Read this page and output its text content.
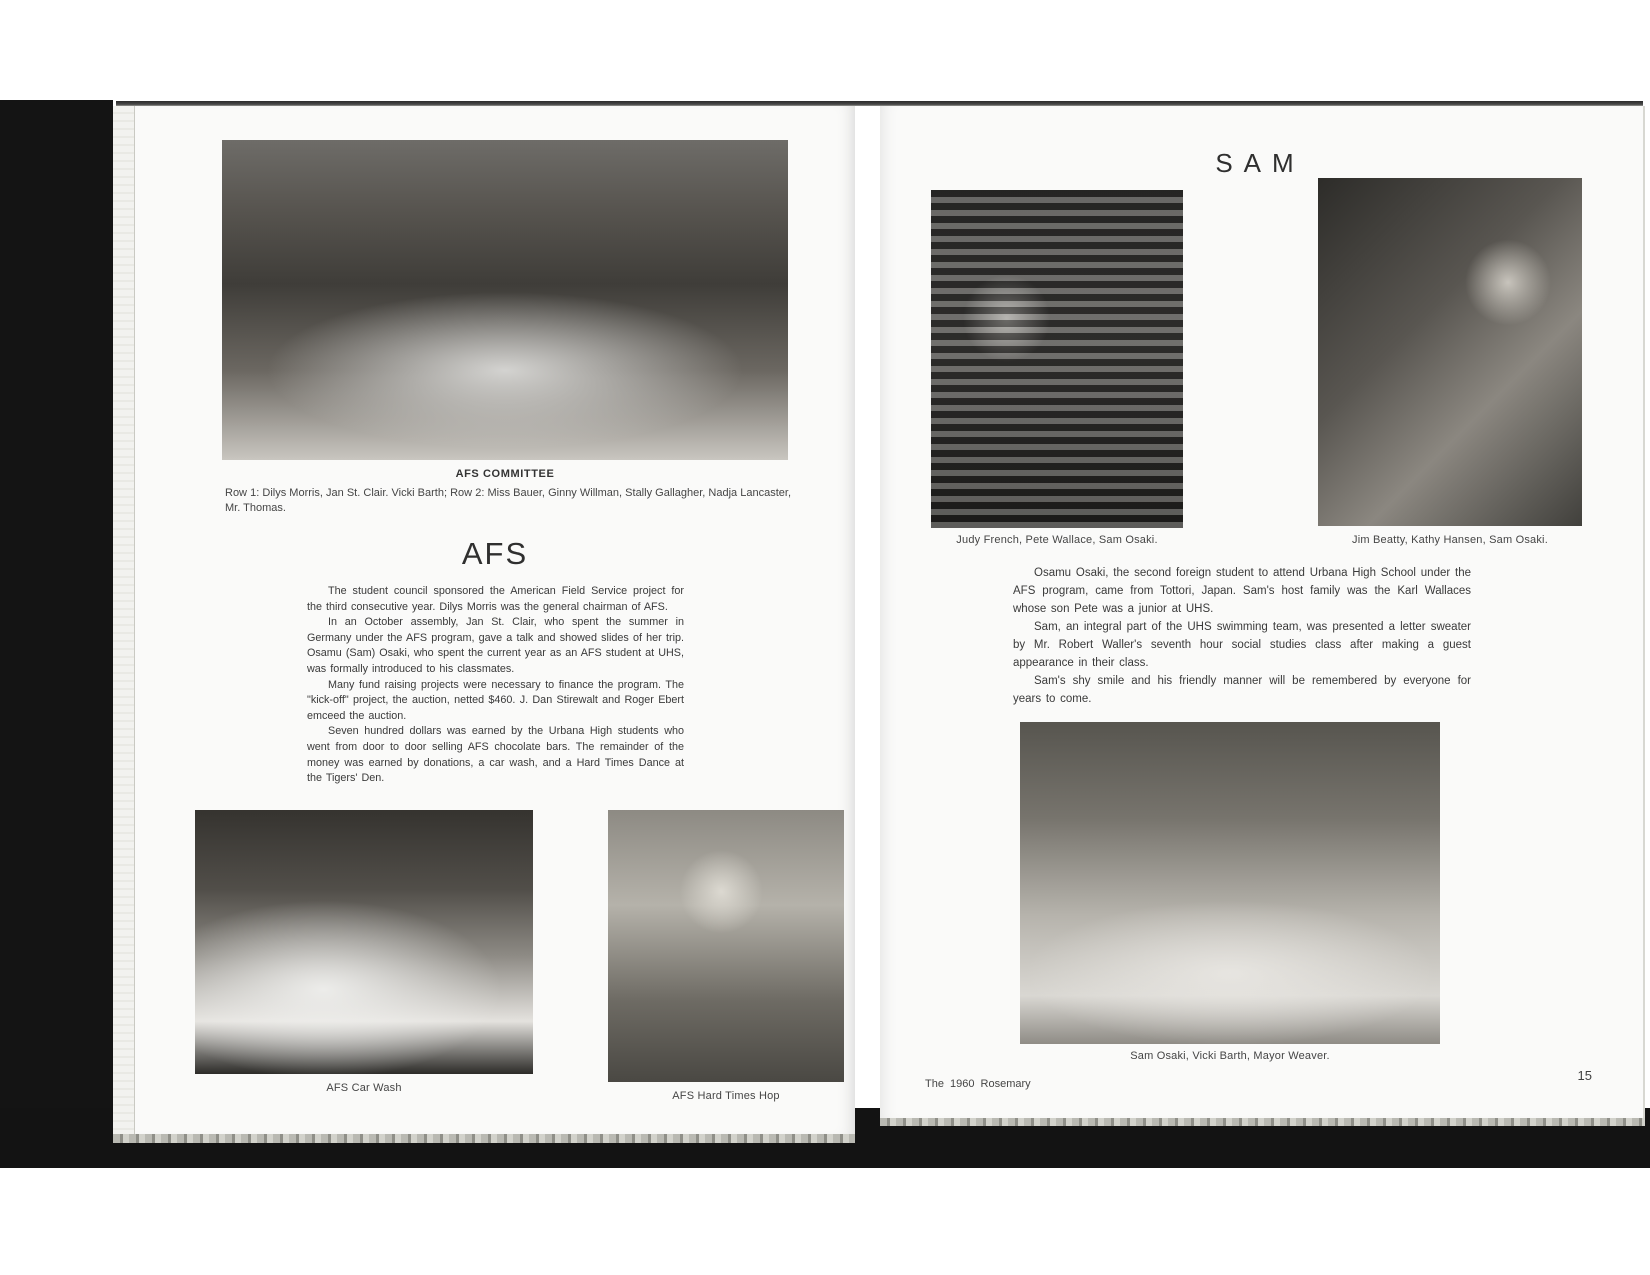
AFS COMMITTEE
Row 1: Dilys Morris, Jan St. Clair. Vicki Barth; Row 2: Miss Bauer, Ginny Willman, Stally Gallagher, Nadja Lancaster, Mr. Thomas.
AFS

The student council sponsored the American Field Service project for the third consecutive year. Dilys Morris was the general chairman of AFS.

In an October assembly, Jan St. Clair, who spent the summer in Germany under the AFS program, gave a talk and showed slides of her trip. Osamu (Sam) Osaki, who spent the current year as an AFS student at UHS, was formally introduced to his classmates.

Many fund raising projects were necessary to finance the program. The "kick-off" project, the auction, netted $460. J. Dan Stirewalt and Roger Ebert emceed the auction.

Seven hundred dollars was earned by the Urbana High students who went from door to door selling AFS chocolate bars. The remainder of the money was earned by donations, a car wash, and a Hard Times Dance at the Tigers' Den.

AFS Car Wash
AFS Hard Times Hop
SAM
Judy French, Pete Wallace, Sam Osaki.	Jim Beatty, Kathy Hansen, Sam Osaki.

Osamu Osaki, the second foreign student to attend Urbana High School under the AFS program, came from Tottori, Japan. Sam's host family was the Karl Wallaces whose son Pete was a junior at UHS.

Sam, an integral part of the UHS swimming team, was presented a letter sweater by Mr. Robert Waller's seventh hour social studies class after making a guest appearance in their class.

Sam's shy smile and his friendly manner will be remembered by everyone for years to come.

Sam Osaki, Vicki Barth, Mayor Weaver.
The 1960 Rosemary
15
